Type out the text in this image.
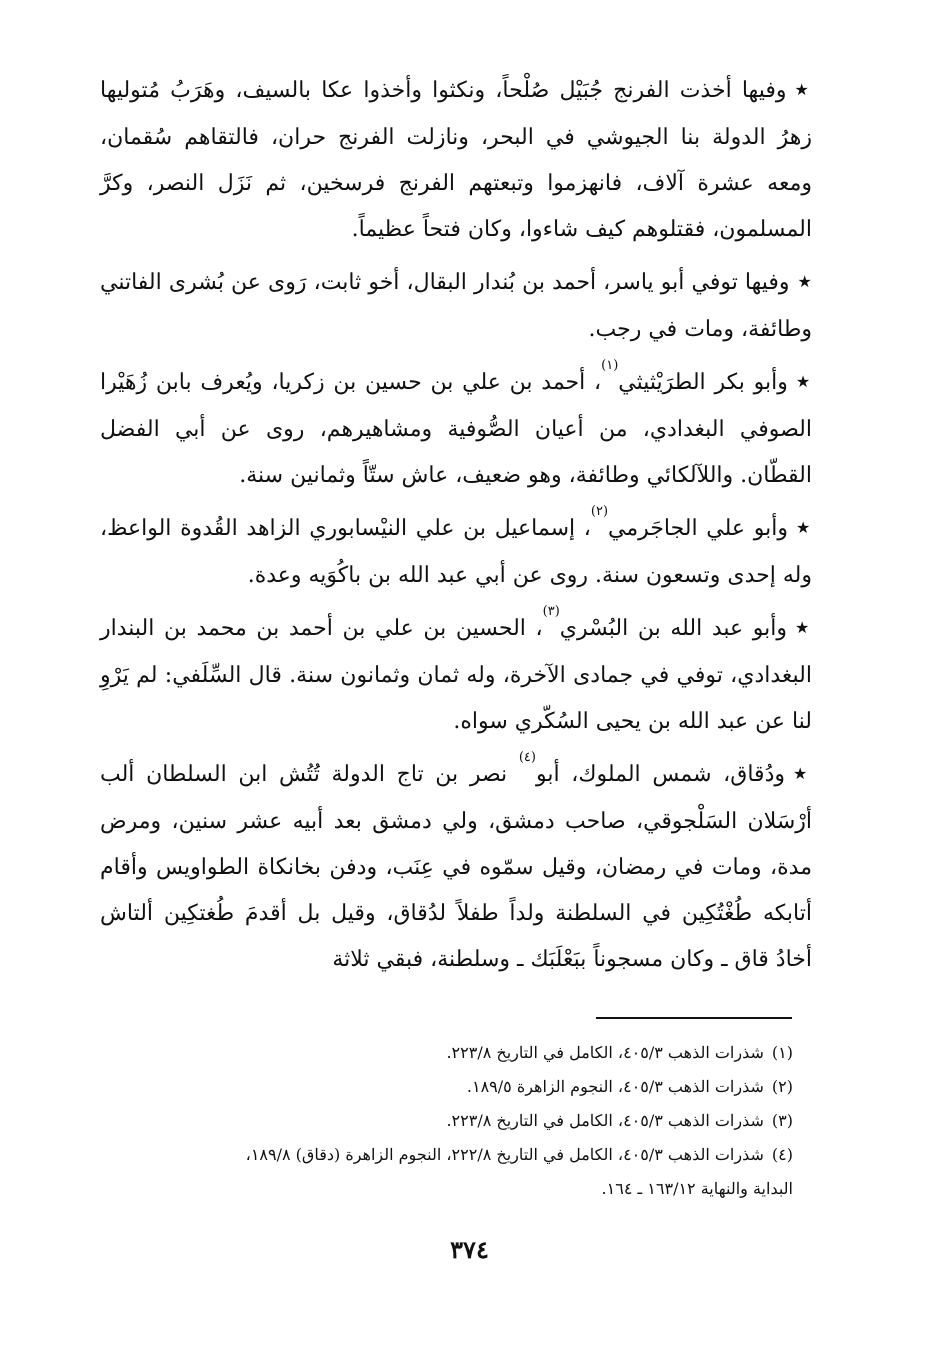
★وفيها أخذت الفرنج جُبَيْل صُلْحاً، ونكثوا وأخذوا عكا بالسيف، وهَرَبُ مُتوليها زهرُ الدولة بنا الجيوشي في البحر، ونازلت الفرنج حران، فالتقاهم سُقمان، ومعه عشرة آلاف، فانهزموا وتبعتهم الفرنج فرسخين، ثم نَزَل النصر، وكرَّ المسلمون، فقتلوهم كيف شاءوا، وكان فتحاً عظيماً.

★وفيها توفي أبو ياسر، أحمد بن بُندار البقال، أخو ثابت، رَوى عن بُشرى الفاتني وطائفة، ومات في رجب.

★وأبو بكر الطرَيْثيثي$^{(١)}$، أحمد بن علي بن حسين بن زكريا، ويُعرف بابن زُهَيْرا الصوفي البغدادي، من أعيان الصُّوفية ومشاهيرهم، روى عن أبي الفضل القطّان. واللآلكائي وطائفة، وهو ضعيف، عاش ستّاً وثمانين سنة.

★وأبو علي الجاجَرمي$^{(٢)}$، إسماعيل بن علي النيْسابوري الزاهد القُدوة الواعظ، وله إحدى وتسعون سنة. روى عن أبي عبد الله بن باكُوَيه وعدة.

★وأبو عبد الله بن البُسْري$^{(٣)}$، الحسين بن علي بن أحمد بن محمد بن البندار البغدادي، توفي في جمادى الآخرة، وله ثمان وثمانون سنة. قال السِّلَفي: لم يَرْوِ لنا عن عبد الله بن يحيى السُكّري سواه.

★ودُقاق، شمس الملوك، أبو$^{(٤)}$ نصر بن تاج الدولة تُتُش ابن السلطان ألب أرْسَلان السَلْجوقي، صاحب دمشق، ولي دمشق بعد أبيه عشر سنين، ومرض مدة، ومات في رمضان، وقيل سمّوه في عِنَب، ودفن بخانكاة الطواويس وأقام أتابكه طُغْتُكِين في السلطنة ولداً طفلاً لدُقاق، وقيل بل أقدمَ طُغتكِين ألتاش أخادُ قاق ـ وكان مسجوناً ببَعْلَبَك ـ وسلطنة، فبقي ثلاثة

(١)شذرات الذهب ٤٠٥/٣، الكامل في التاريخ ٢٢٣/٨.
(٢)شذرات الذهب ٤٠٥/٣، النجوم الزاهرة ١٨٩/٥.
(٣)شذرات الذهب ٤٠٥/٣، الكامل في التاريخ ٢٢٣/٨.
(٤)شذرات الذهب ٤٠٥/٣، الكامل في التاريخ ٢٢٢/٨، النجوم الزاهرة (دقاق) ١٨٩/٨،
البداية والنهاية ١٦٣/١٢ ـ ١٦٤.
٣٧٤
